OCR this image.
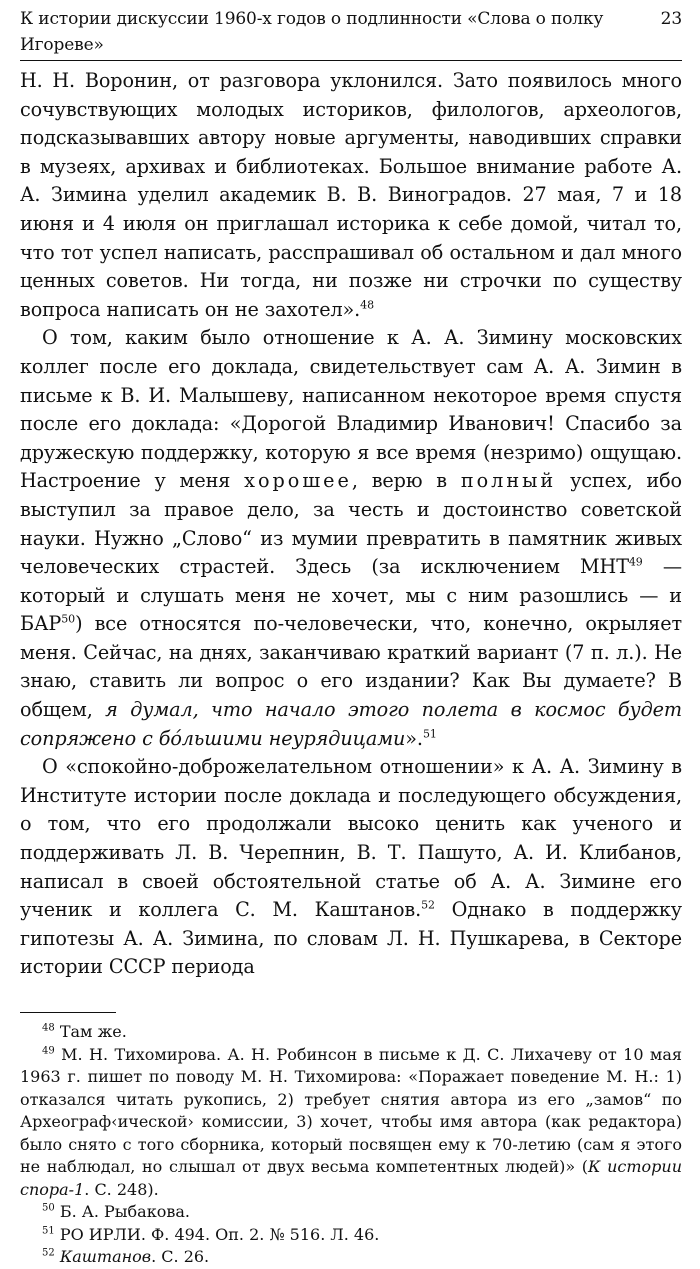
К истории дискуссии 1960-х годов о подлинности «Слова о полку Игореве»
23

Н. Н. Воронин, от разговора уклонился. Зато появилось много сочувствующих молодых историков, филологов, археологов, подсказывавших автору новые аргументы, наводивших справки в музеях, архивах и библиотеках. Большое внимание работе А. А. Зимина уделил академик В. В. Виноградов. 27 мая, 7 и 18 июня и 4 июля он приглашал историка к себе домой, читал то, что тот успел написать, расспрашивал об остальном и дал много ценных советов. Ни тогда, ни позже ни строчки по существу вопроса написать он не захотел».$^{48}$

О том, каким было отношение к А. А. Зимину московских коллег после его доклада, свидетельствует сам А. А. Зимин в письме к В. И. Малышеву, написанном некоторое время спустя после его доклада: «Дорогой Владимир Иванович! Спасибо за дружескую поддержку, которую я все время (незримо) ощущаю. Настроение у меня хорошее, верю в полный успех, ибо выступил за правое дело, за честь и достоинство советской науки. Нужно „Слово“ из мумии превратить в памятник живых человеческих страстей. Здесь (за исключением МНТ$^{49}$ — который и слушать меня не хочет, мы с ним разошлись — и БАР$^{50}$) все относятся по-человечески, что, конечно, окрыляет меня. Сейчас, на днях, заканчиваю краткий вариант (7 п. л.). Не знаю, ставить ли вопрос о его издании? Как Вы думаете? В общем, я думал, что начало этого полета в космос будет сопряжено с бóльшими неурядицами».$^{51}$

О «спокойно-доброжелательном отношении» к А. А. Зимину в Институте истории после доклада и последующего обсуждения, о том, что его продолжали высоко ценить как ученого и поддерживать Л. В. Черепнин, В. Т. Пашуто, А. И. Клибанов, написал в своей обстоятельной статье об А. А. Зимине его ученик и коллега С. М. Каштанов.$^{52}$ Однако в поддержку гипотезы А. А. Зимина, по словам Л. Н. Пушкарева, в Секторе истории СССР периода

$^{48}$ Там же.

$^{49}$ М. Н. Тихомирова. А. Н. Робинсон в письме к Д. С. Лихачеву от 10 мая 1963 г. пишет по поводу М. Н. Тихомирова: «Поражает поведение М. Н.: 1) отказался читать рукопись, 2) требует снятия автора из его „замов“ по Археограф‹ической› комиссии, 3) хочет, чтобы имя автора (как редактора) было снято с того сборника, который посвящен ему к 70-летию (сам я этого не наблюдал, но слышал от двух весьма компетентных людей)» (К истории спора-1. С. 248).

$^{50}$ Б. А. Рыбакова.

$^{51}$ РО ИРЛИ. Ф. 494. Оп. 2. № 516. Л. 46.

$^{52}$ Каштанов. С. 26.
